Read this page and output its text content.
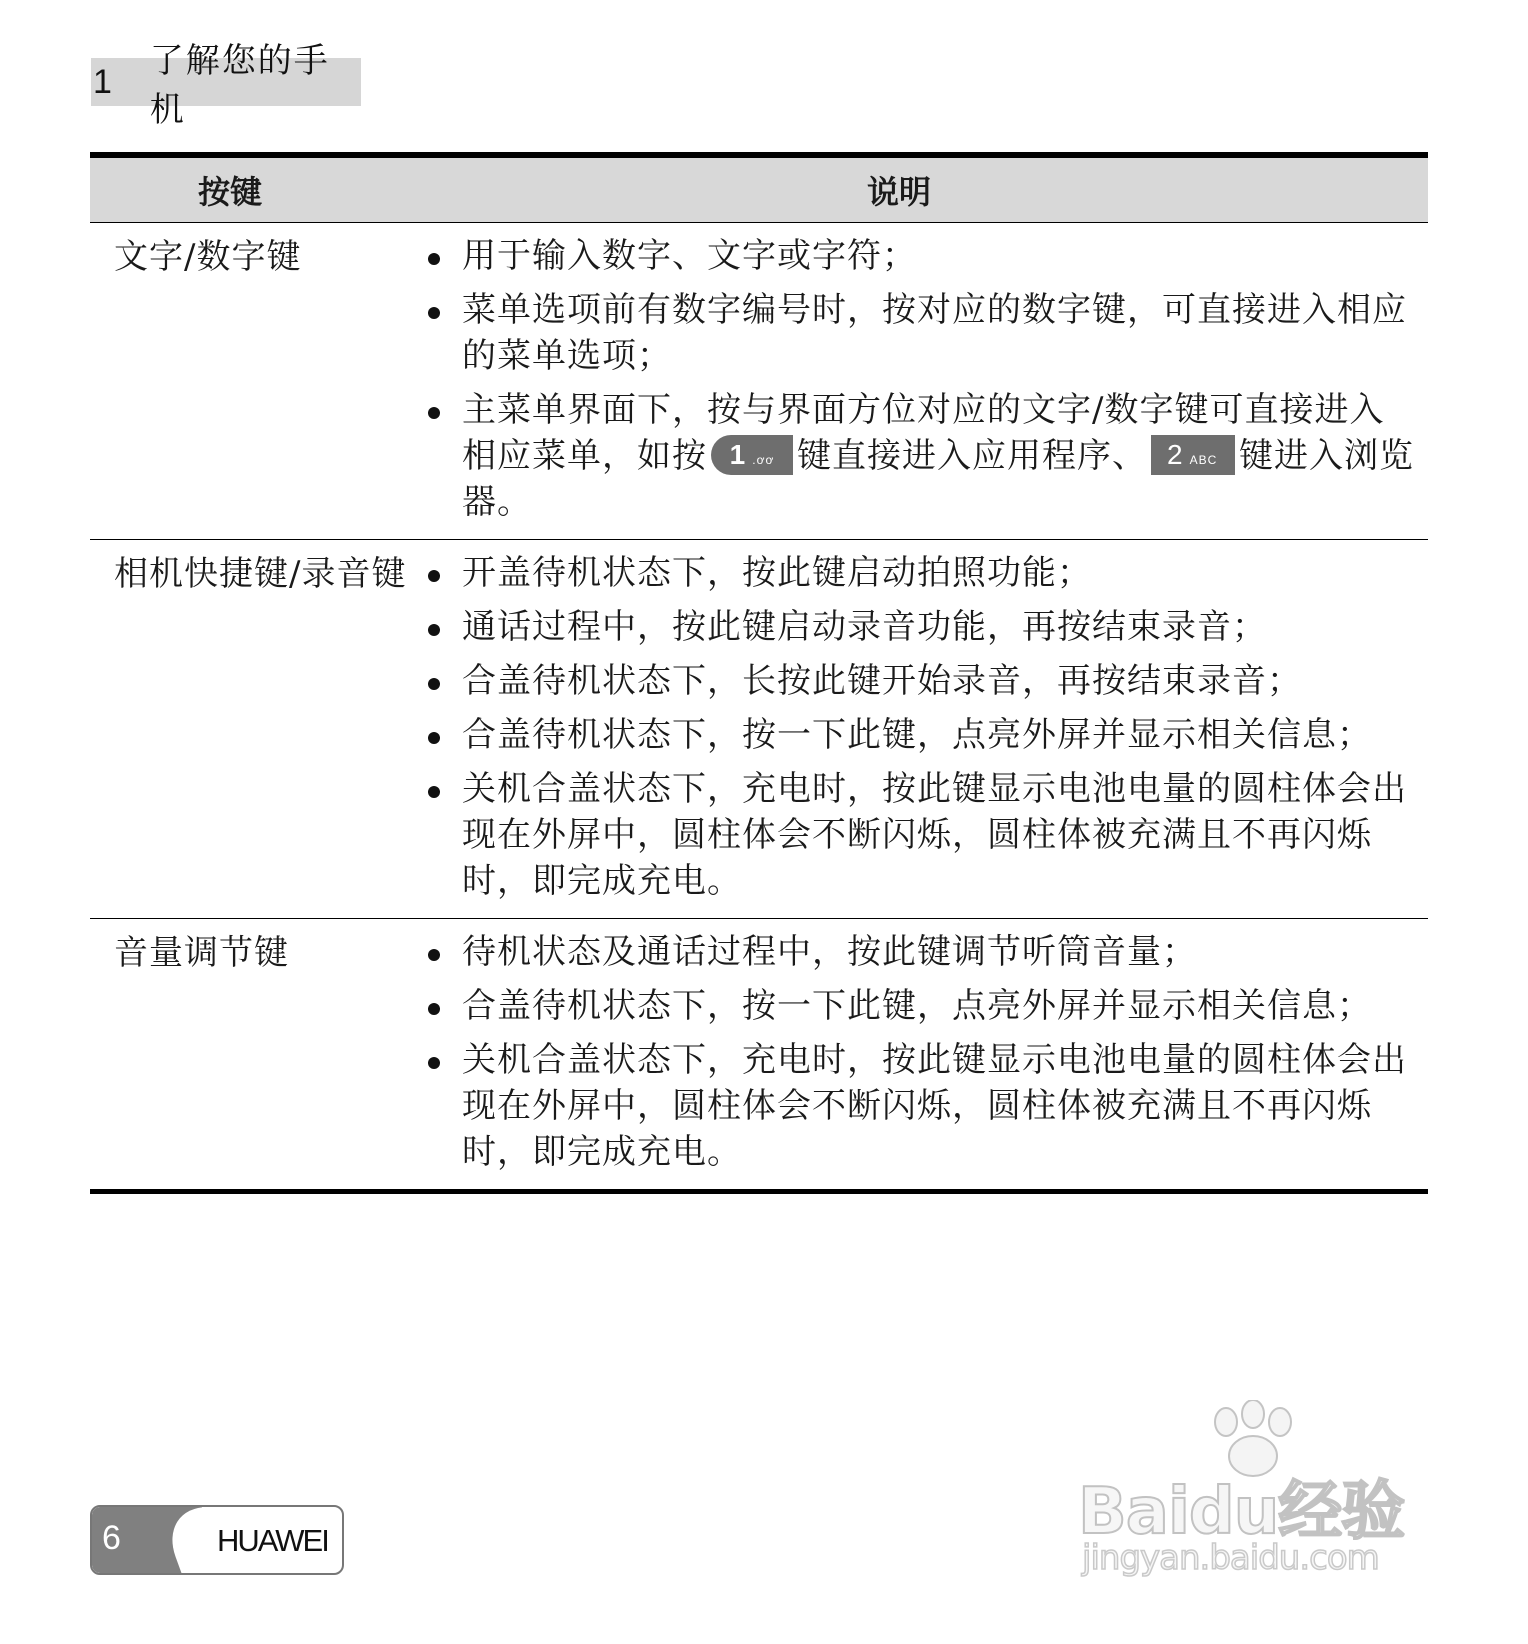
1
了解您的手机
按键	说明
文字/数字键	用于输入数字、文字或字符；
菜单选项前有数字编号时，按对应的数字键，可直接进入相应的菜单选项；
主菜单界面下，按与界面方位对应的文字/数字键可直接进入相应菜单，如按 1 .ơơ 键直接进入应用程序、 2 ABC 键进入浏览器。
相机快捷键/录音键	开盖待机状态下，按此键启动拍照功能；
通话过程中，按此键启动录音功能，再按结束录音；
合盖待机状态下，长按此键开始录音，再按结束录音；
合盖待机状态下，按一下此键，点亮外屏并显示相关信息；
关机合盖状态下，充电时，按此键显示电池电量的圆柱体会出现在外屏中，圆柱体会不断闪烁，圆柱体被充满且不再闪烁时，即完成充电。
音量调节键	待机状态及通话过程中，按此键调节听筒音量；
合盖待机状态下，按一下此键，点亮外屏并显示相关信息；
关机合盖状态下，充电时，按此键显示电池电量的圆柱体会出现在外屏中，圆柱体会不断闪烁，圆柱体被充满且不再闪烁时，即完成充电。
6	HUAWEI	Baidu经验
jingyan.baidu.com
